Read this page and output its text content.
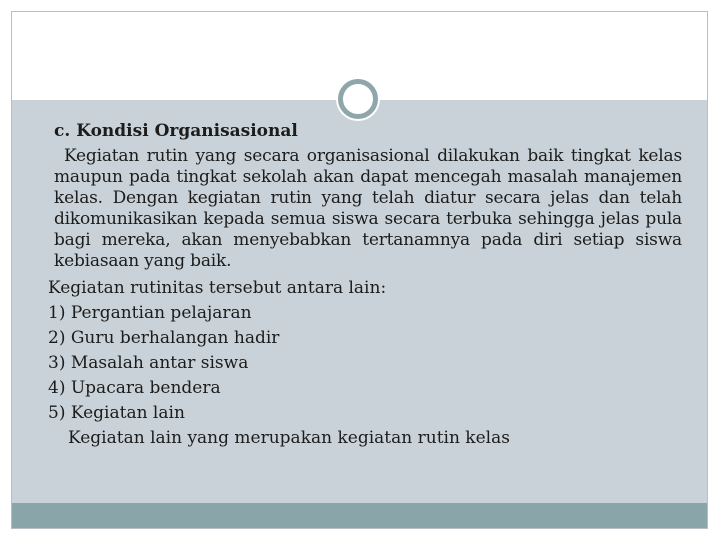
c. Kondisi Organisasional

Kegiatan rutin yang secara organisasional dilakukan baik tingkat kelas maupun pada tingkat sekolah akan dapat mencegah masalah manajemen kelas. Dengan kegiatan rutin yang telah diatur secara jelas dan telah dikomunikasikan kepada semua siswa secara terbuka sehingga jelas pula bagi mereka, akan menyebabkan tertanamnya pada diri setiap siswa kebiasaan yang baik.

Kegiatan rutinitas tersebut antara lain:
1) Pergantian pelajaran
2) Guru berhalangan hadir
3) Masalah antar siswa
4) Upacara bendera
5) Kegiatan lain
Kegiatan lain yang merupakan kegiatan rutin kelas
